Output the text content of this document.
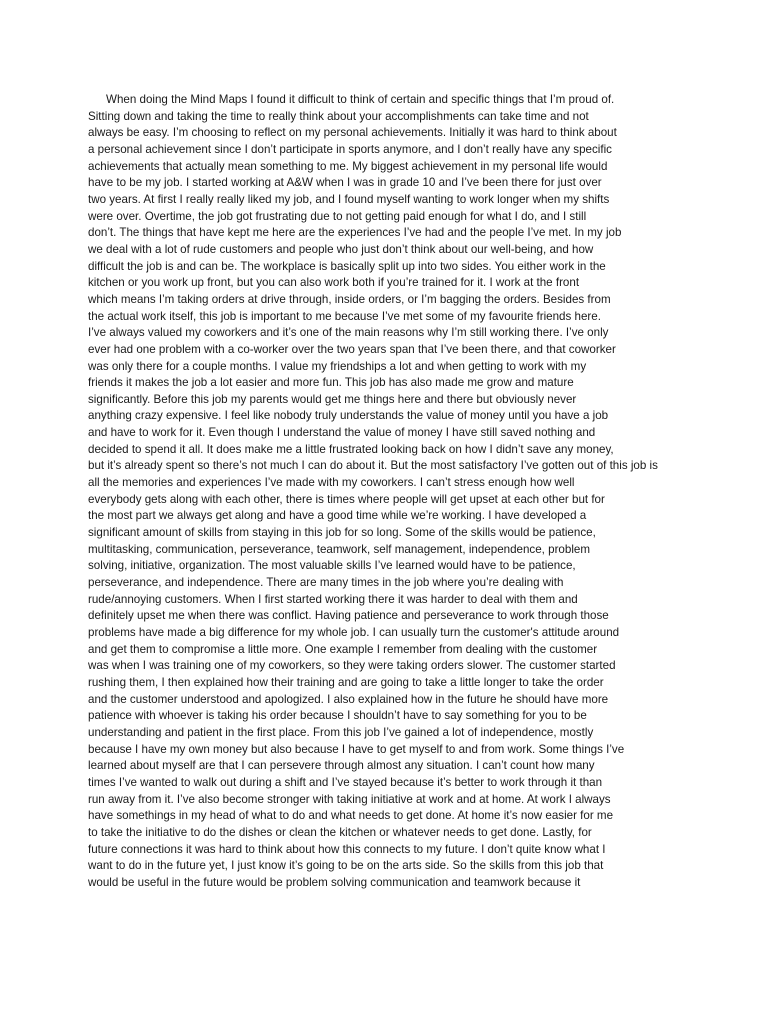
When doing the Mind Maps I found it difficult to think of certain and specific things that I’m proud of.
Sitting down and taking the time to really think about your accomplishments can take time and not
always be easy. I’m choosing to reflect on my personal achievements. Initially it was hard to think about
a personal achievement since I don’t participate in sports anymore, and I don’t really have any specific
achievements that actually mean something to me. My biggest achievement in my personal life would
have to be my job. I started working at A&W when I was in grade 10 and I’ve been there for just over
two years. At first I really really liked my job, and I found myself wanting to work longer when my shifts
were over. Overtime, the job got frustrating due to not getting paid enough for what I do, and I still
don’t. The things that have kept me here are the experiences I’ve had and the people I’ve met. In my job
we deal with a lot of rude customers and people who just don’t think about our well-being, and how
difficult the job is and can be. The workplace is basically split up into two sides. You either work in the
kitchen or you work up front, but you can also work both if you’re trained for it. I work at the front
which means I’m taking orders at drive through, inside orders, or I’m bagging the orders. Besides from
the actual work itself, this job is important to me because I’ve met some of my favourite friends here.
I’ve always valued my coworkers and it’s one of the main reasons why I’m still working there. I’ve only
ever had one problem with a co-worker over the two years span that I’ve been there, and that coworker
was only there for a couple months. I value my friendships a lot and when getting to work with my
friends it makes the job a lot easier and more fun. This job has also made me grow and mature
significantly. Before this job my parents would get me things here and there but obviously never
anything crazy expensive. I feel like nobody truly understands the value of money until you have a job
and have to work for it. Even though I understand the value of money I have still saved nothing and
decided to spend it all. It does make me a little frustrated looking back on how I didn’t save any money,
but it’s already spent so there’s not much I can do about it. But the most satisfactory I’ve gotten out of this job is
all the memories and experiences I’ve made with my coworkers. I can’t stress enough how well
everybody gets along with each other, there is times where people will get upset at each other but for
the most part we always get along and have a good time while we’re working. I have developed a
significant amount of skills from staying in this job for so long. Some of the skills would be patience,
multitasking, communication, perseverance, teamwork, self management, independence, problem
solving, initiative, organization. The most valuable skills I’ve learned would have to be patience,
perseverance, and independence. There are many times in the job where you’re dealing with
rude/annoying customers. When I first started working there it was harder to deal with them and
definitely upset me when there was conflict. Having patience and perseverance to work through those
problems have made a big difference for my whole job. I can usually turn the customer's attitude around
and get them to compromise a little more. One example I remember from dealing with the customer
was when I was training one of my coworkers, so they were taking orders slower. The customer started
rushing them, I then explained how their training and are going to take a little longer to take the order
and the customer understood and apologized. I also explained how in the future he should have more
patience with whoever is taking his order because I shouldn’t have to say something for you to be
understanding and patient in the first place. From this job I’ve gained a lot of independence, mostly
because I have my own money but also because I have to get myself to and from work. Some things I’ve
learned about myself are that I can persevere through almost any situation. I can’t count how many
times I’ve wanted to walk out during a shift and I’ve stayed because it’s better to work through it than
run away from it. I’ve also become stronger with taking initiative at work and at home. At work I always
have somethings in my head of what to do and what needs to get done. At home it’s now easier for me
to take the initiative to do the dishes or clean the kitchen or whatever needs to get done. Lastly, for
future connections it was hard to think about how this connects to my future. I don’t quite know what I
want to do in the future yet, I just know it’s going to be on the arts side. So the skills from this job that
would be useful in the future would be problem solving communication and teamwork because it
